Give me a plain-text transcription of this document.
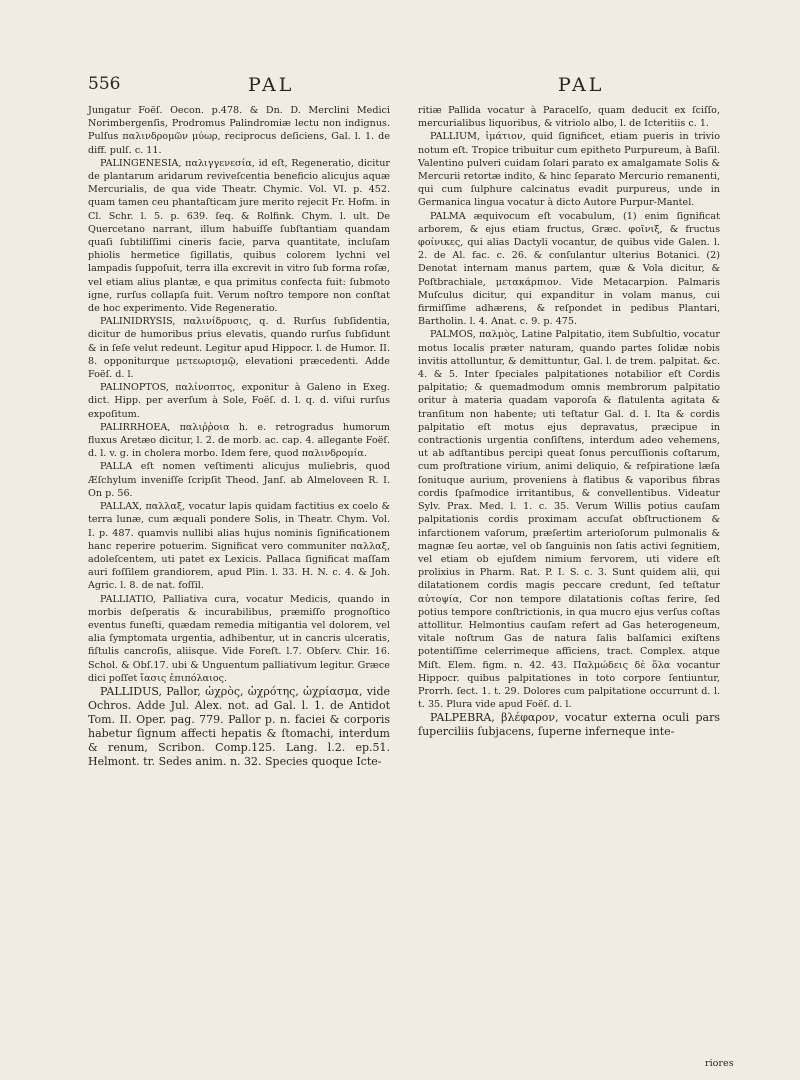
556	PAL	PAL

Jungatur Foëſ. Oecon. p.478. & Dn. D. Merclini Medici Norimbergenſis, Prodromus Palindromiæ lectu non indignus. Pulſus παλινδρομῶν μύωρ, reciprocus deſiciens, Gal. l. 1. de diff. pulſ. c. 11.

PALINGENESIA, παλιγγενεσία, id eſt, Regeneratio, dicitur de plantarum aridarum reviveſcentia beneficio alicujus aquæ Mercurialis, de qua vide Theatr. Chymic. Vol. VI. p. 452. quam tamen ceu phantaſticam jure merito rejecit Fr. Hofm. in Cl. Schr. l. 5. p. 639. ſeq. & Rolfink. Chym. l. ult. De Quercetano narrant, illum habuiſſe ſubſtantiam quandam quaſi ſubtiliſſimi cineris facie, parva quantitate, incluſam phiolis hermetice ſigillatis, quibus colorem lychni vel lampadis ſuppoſuit, terra illa excrevit in vitro ſub forma roſæ, vel etiam alius plantæ, e qua primitus confecta fuit: ſubmoto igne, rurſus collapſa fuit. Verum noſtro tempore non conſtat de hoc experimento. Vide Regeneratio.

PALINIDRYSIS, παλινίδρυσις, q. d. Rurſus ſubſidentia, dicitur de humoribus prius elevatis, quando rurſus ſubſidunt & in ſeſe velut redeunt. Legitur apud Hippocr. l. de Humor. II. 8. opponiturque μετεωρισμῷ, elevationi præcedenti. Adde Foëſ. d. l.

PALINOPTOS, παλίνοπτος, exponitur à Galeno in Exeg. dict. Hipp. per averſum à Sole, Foëſ. d. l. q. d. viſui rurſus expoſitum.

PALIRRHOEA, παλιῤῥοια h. e. retrogradus humorum fluxus Aretæo dicitur, l. 2. de morb. ac. cap. 4. allegante Foëſ. d. l. v. g. in cholera morbo. Idem fere, quod παλινδρομία.

PALLA eſt nomen veſtimenti alicujus muliebris, quod Æſchylum inveniſſe ſcripſit Theod. Janſ. ab Almeloveen R. I. On p. 56.

PALLAX, παλλαξ, vocatur lapis quidam factitius ex coelo & terra lunæ, cum æquali pondere Solis, in Theatr. Chym. Vol. I. p. 487. quamvis nullibi alias hujus nominis ſignificationem hanc reperire potuerim. Significat vero communiter παλλαξ, adoleſcentem, uti patet ex Lexicis. Pallaca ſignificat maſſam auri foſſilem grandiorem, apud Plin. l. 33. H. N. c. 4. & Joh. Agric. l. 8. de nat. foſſil.

PALLIATIO, Palliativa cura, vocatur Medicis, quando in morbis deſperatis & incurabilibus, præmiſſo prognoſtico eventus funeſti, quædam remedia mitigantia vel dolorem, vel alia ſymptomata urgentia, adhibentur, ut in cancris ulceratis, fiſtulis cancroſis, aliisque. Vide Foreſt. l.7. Obſerv. Chir. 16. Schol. & Obſ.17. ubi & Unguentum palliativum legitur. Græce dici poſſet ἴασις ἐπιπόλαιος.

PALLIDUS, Pallor, ὠχρὸς, ὠχρότης, ὠχρίασμα, vide Ochros. Adde Jul. Alex. not. ad Gal. l. 1. de Antidot Tom. II. Oper. pag. 779. Pallor p. n. faciei & corporis habetur ſignum affecti hepatis & ſtomachi, interdum & renum, Scribon. Comp.125. Lang. l.2. ep.51. Helmont. tr. Sedes anim. n. 32. Species quoque Icte-

ritiæ Pallida vocatur à Paracelſo, quam deducit ex ſciſſo, mercurialibus liquoribus, & vitriolo albo, l. de Icteritiis c. 1.

PALLIUM, ἱμάτιον, quid ſignificet, etiam pueris in trivio notum eſt. Tropice tribuitur cum epitheto Purpureum, à Baſil. Valentino pulveri cuidam ſolari parato ex amalgamate Solis & Mercurii retortæ indito, & hinc ſeparato Mercurio remanenti, qui cum ſulphure calcinatus evadit purpureus, unde in Germanica lingua vocatur à dicto Autore Purpur-Mantel.

PALMA æquivocum eſt vocabulum, (1) enim ſignificat arborem, & ejus etiam fructus, Græc. φοῖνιξ, & fructus φοίνικες, qui alias Dactyli vocantur, de quibus vide Galen. l. 2. de Al. fac. c. 26. & conſulantur ulterius Botanici. (2) Denotat internam manus partem, quæ & Vola dicitur, & Poſtbrachiale, μετακάρπιον. Vide Metacarpion. Palmaris Muſculus dicitur, qui expanditur in volam manus, cui firmiſſime adhærens, & reſpondet in pedibus Plantari, Bartholin. l. 4. Anat. c. 9. p. 475.

PALMOS, παλμὸς, Latine Palpitatio, item Subſultio, vocatur motus localis præter naturam, quando partes ſolidæ nobis invitis attolluntur, & demittuntur, Gal. l. de trem. palpitat. &c. 4. & 5. Inter ſpeciales palpitationes notabilior eſt Cordis palpitatio; & quemadmodum omnis membrorum palpitatio oritur à materia quadam vaporoſa & flatulenta agitata & tranſitum non habente; uti teſtatur Gal. d. l. Ita & cordis palpitatio eſt motus ejus depravatus, præcipue in contractionis urgentia conſiſtens, interdum adeo vehemens, ut ab adſtantibus percipi queat ſonus percuſſionis coſtarum, cum proſtratione virium, animi deliquio, & reſpiratione læſa ſonituque aurium, proveniens à flatibus & vaporibus fibras cordis ſpaſmodice irritantibus, & convellentibus. Videatur Sylv. Prax. Med. l. 1. c. 35. Verum Willis potius cauſam palpitationis cordis proximam accuſat obſtructionem & infarctionem vaſorum, præſertim arterioſorum pulmonalis & magnæ ſeu aortæ, vel ob ſanguinis non ſatis activi ſegnitiem, vel etiam ob ejuſdem nimium fervorem, uti videre eſt prolixius in Pharm. Rat. P. I. S. c. 3. Sunt quidem alii, qui dilatationem cordis magis peccare credunt, ſed teſtatur αὐτοψία, Cor non tempore dilatationis coſtas ferire, ſed potius tempore conſtrictionis, in qua mucro ejus verſus coſtas attollitur. Helmontius cauſam refert ad Gas heterogeneum, vitale noſtrum Gas de natura ſalis balſamici exiſtens potentiſſime celerrimeque afficiens, tract. Complex. atque Miſt. Elem. figm. n. 42. 43. Παλμώδεις δὲ ὅλα vocantur Hippocr. quibus palpitationes in toto corpore ſentiuntur, Prorrh. ſect. 1. t. 29. Dolores cum palpitatione occurrunt d. l. t. 35. Plura vide apud Foëſ. d. l.

PALPEBRA, βλέφαρον, vocatur externa oculi pars ſuperciliis ſubjacens, ſuperne inferneque inte-

riores
